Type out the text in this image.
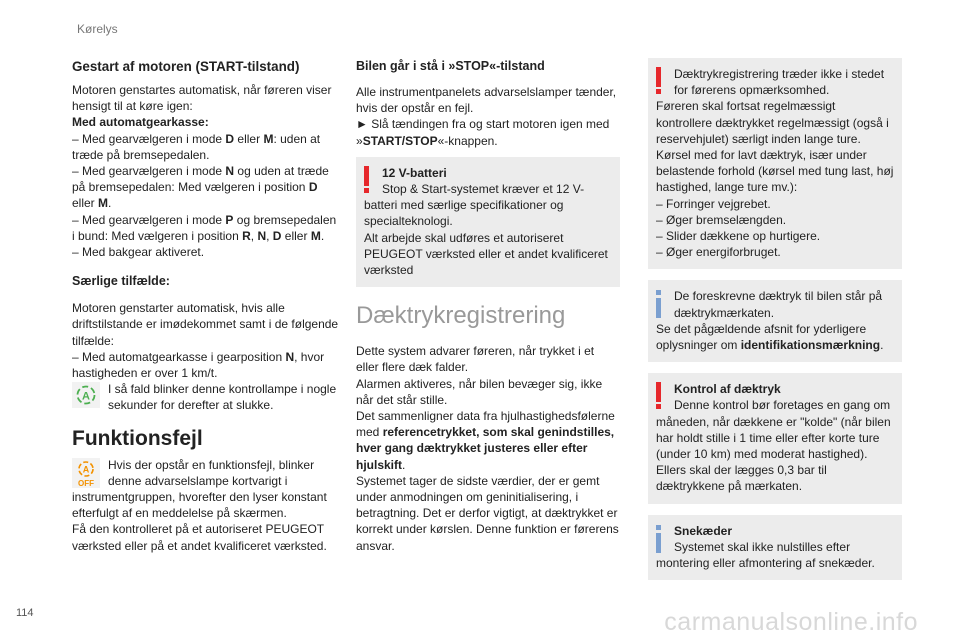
Kørelys
Gestart af motoren (START-tilstand)

Motoren genstartes automatisk, når føreren viser hensigt til at køre igen:

Med automatgearkasse:

– Med gearvælgeren i mode D eller M: uden at træde på bremsepedalen.

– Med gearvælgeren i mode N og uden at træde på bremsepedalen: Med vælgeren i position D eller M.

– Med gearvælgeren i mode P og bremsepedalen i bund: Med vælgeren i position R, N, D eller M.

– Med bakgear aktiveret.

Særlige tilfælde:

Motoren genstarter automatisk, hvis alle driftstilstande er imødekommet samt i de følgende tilfælde:

– Med automatgearkasse i gearposition N, hvor hastigheden er over 1 km/t.

A

I så fald blinker denne kontrollampe i nogle sekunder for derefter at slukke.

Funktionsfejl
A
OFF

Hvis der opstår en funktionsfejl, blinker denne advarselslampe kortvarigt i instrumentgruppen, hvorefter den lyser konstant efterfulgt af en meddelelse på skærmen.

Få den kontrolleret på et autoriseret PEUGEOT værksted eller på et andet kvalificeret værksted.

Bilen går i stå i »STOP«-tilstand

Alle instrumentpanelets advarselslamper tænder, hvis der opstår en fejl.

► Slå tændingen fra og start motoren igen med »START/STOP«-knappen.

12 V-batteri

Stop & Start-systemet kræver et 12 V-batteri med særlige specifikationer og specialteknologi.

Alt arbejde skal udføres et autoriseret PEUGEOT værksted eller et andet kvalificeret værksted

Dæktrykregistrering

Dette system advarer føreren, når trykket i et eller flere dæk falder.

Alarmen aktiveres, når bilen bevæger sig, ikke når det står stille.

Det sammenligner data fra hjulhastighedsfølerne med referencetrykket, som skal genindstilles, hver gang dæktrykket justeres eller efter hjulskift.

Systemet tager de sidste værdier, der er gemt under anmodningen om geninitialisering, i betragtning. Det er derfor vigtigt, at dæktrykket er korrekt under kørslen. Denne funktion er førerens ansvar.

Dæktrykregistrering træder ikke i stedet for førerens opmærksomhed.

Føreren skal fortsat regelmæssigt kontrollere dæktrykket regelmæssigt (også i reservehjulet) særligt inden lange ture.

Kørsel med for lavt dæktryk, især under belastende forhold (kørsel med tung last, høj hastighed, lange ture mv.):

– Forringer vejgrebet.

– Øger bremselængden.

– Slider dækkene op hurtigere.

– Øger energiforbruget.

De foreskrevne dæktryk til bilen står på dæktrykmærkaten.

Se det pågældende afsnit for yderligere oplysninger om identifikationsmærkning.

Kontrol af dæktryk

Denne kontrol bør foretages en gang om måneden, når dækkene er "kolde" (når bilen har holdt stille i 1 time eller efter korte ture (under 10 km) med moderat hastighed).

Ellers skal der lægges 0,3 bar til dæktrykkene på mærkaten.

Snekæder

Systemet skal ikke nulstilles efter montering eller afmontering af snekæder.

114	carmanualsonline.info
